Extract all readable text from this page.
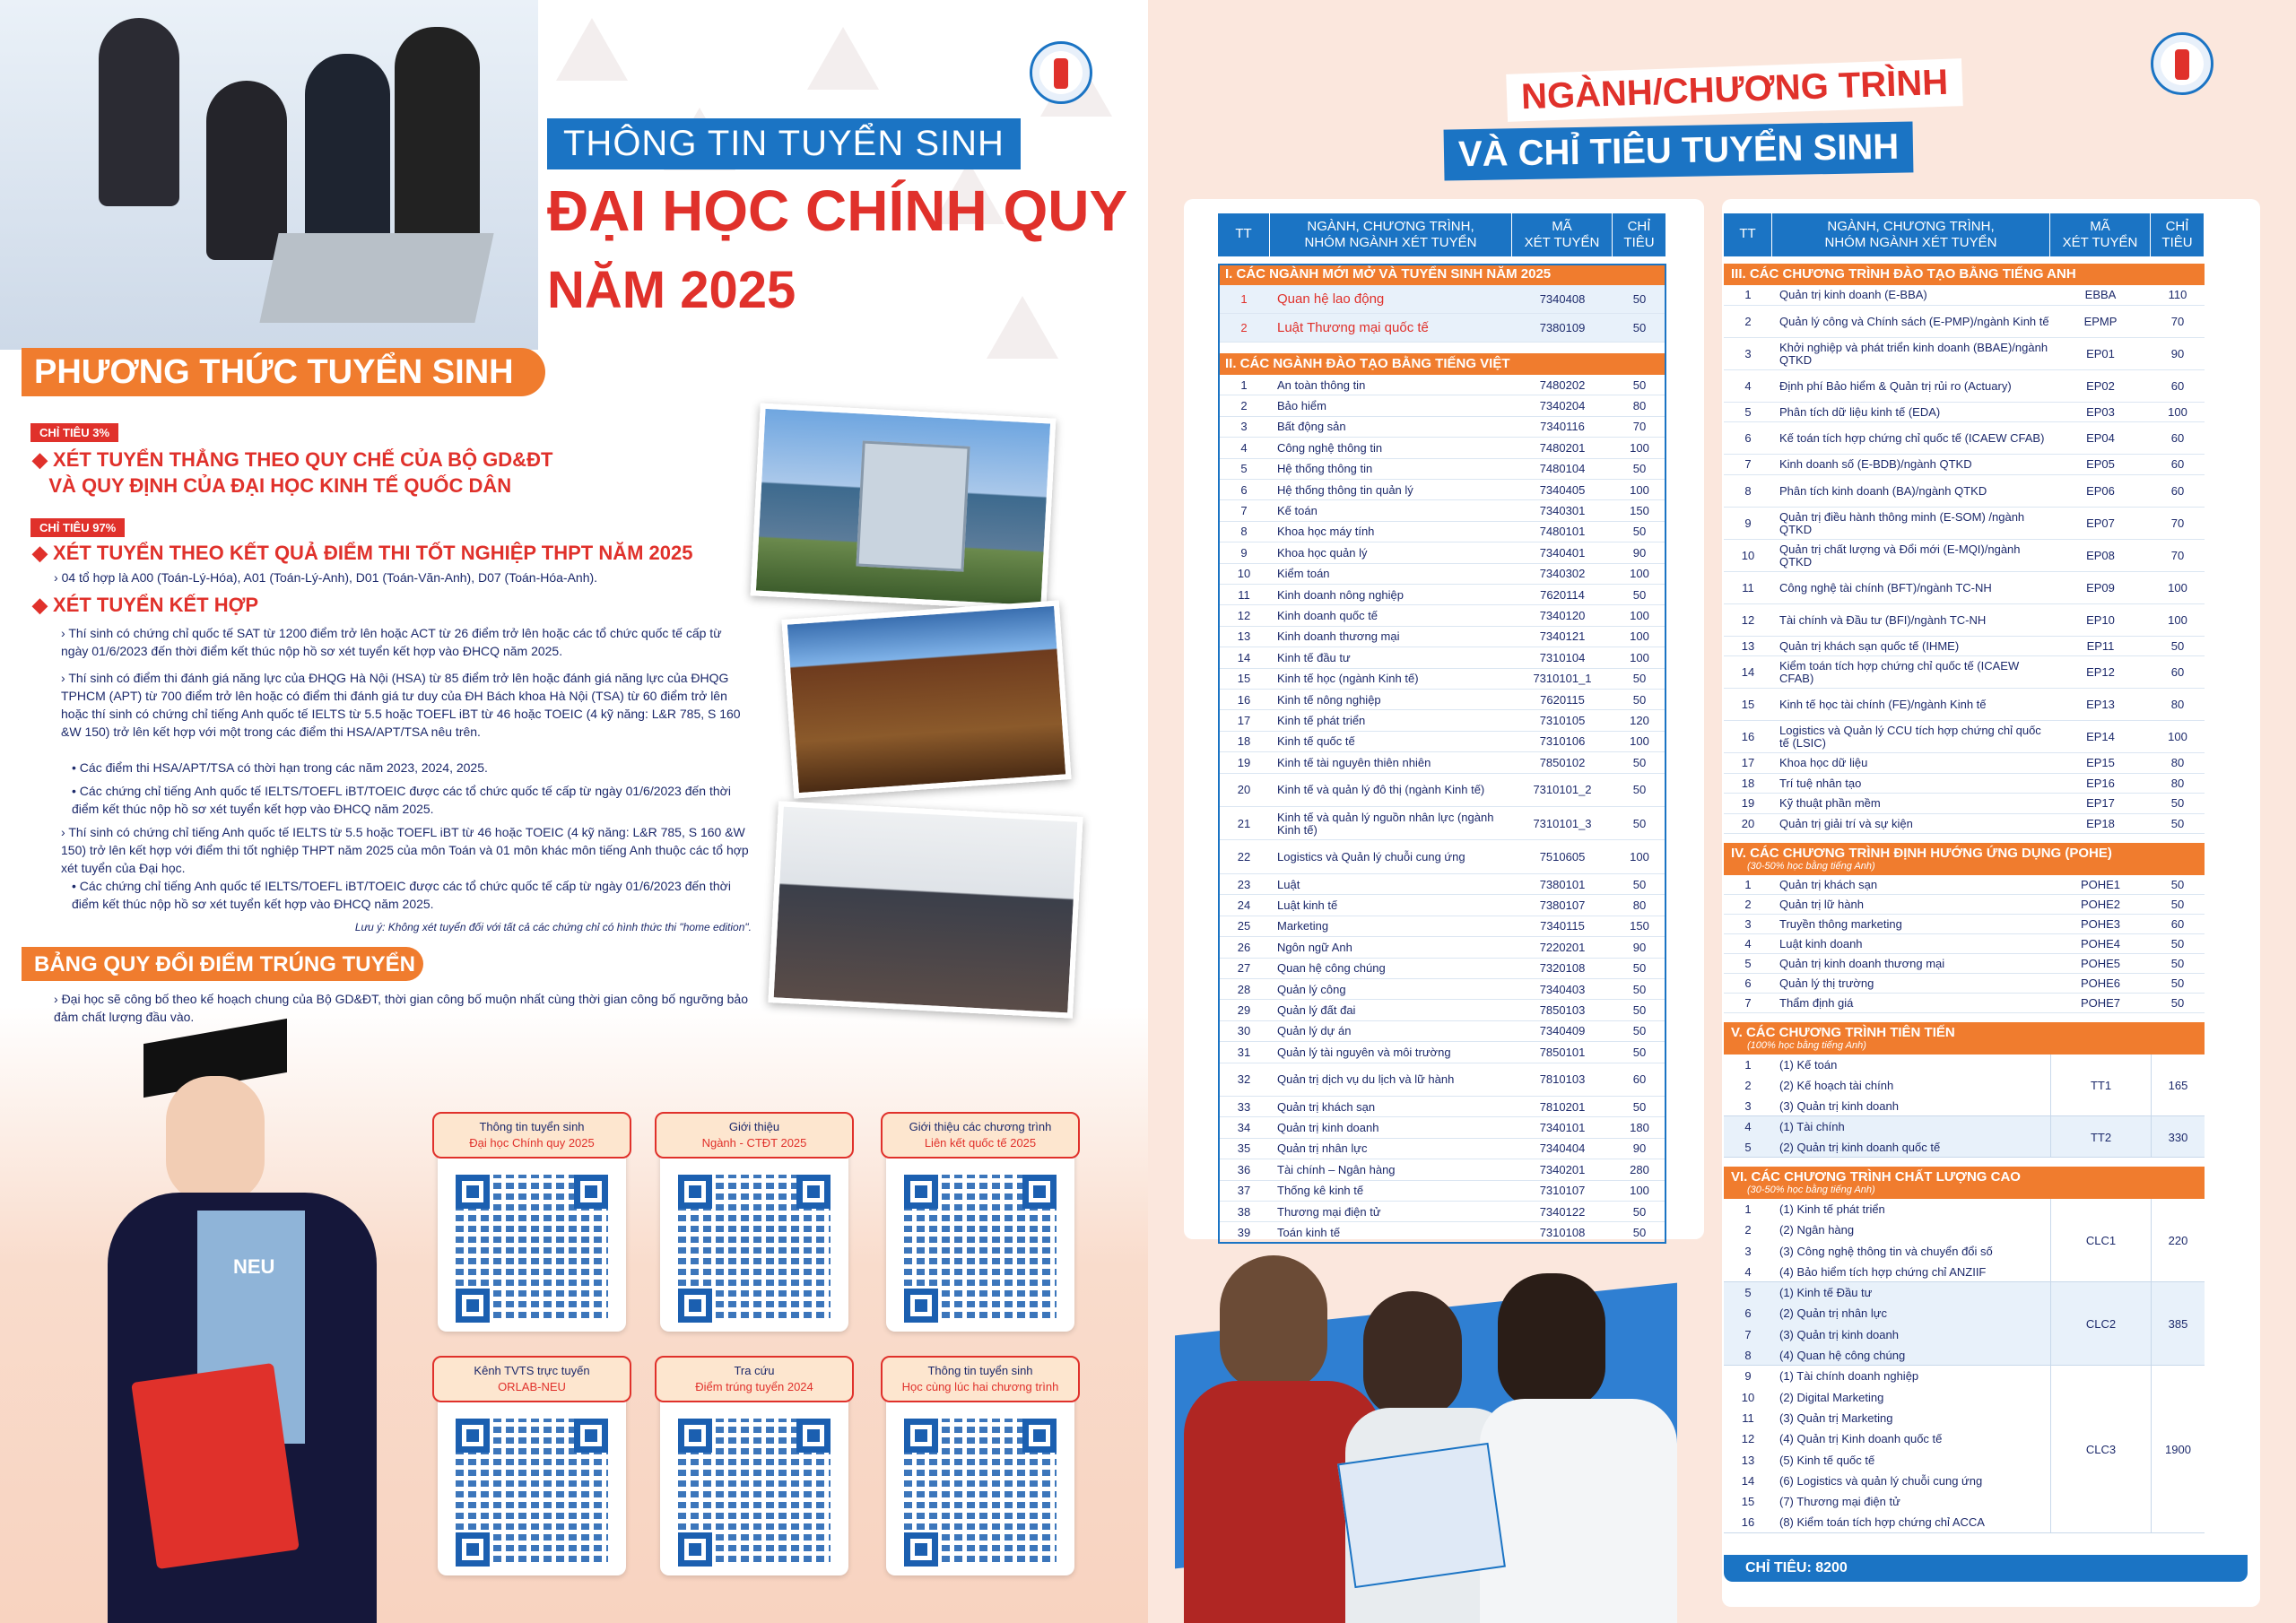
THÔNG TIN TUYỂN SINH
ĐẠI HỌC CHÍNH QUY
NĂM 2025
PHƯƠNG THỨC TUYỂN SINH
CHỈ TIÊU 3%
◆ XÉT TUYỂN THẲNG THEO QUY CHẾ CỦA BỘ GD&ĐT
VÀ QUY ĐỊNH CỦA ĐẠI HỌC KINH TẾ QUỐC DÂN
CHỈ TIÊU 97%
◆ XÉT TUYỂN THEO KẾT QUẢ ĐIỂM THI TỐT NGHIỆP THPT NĂM 2025
› 04 tổ hợp là A00 (Toán-Lý-Hóa), A01 (Toán-Lý-Anh), D01 (Toán-Văn-Anh), D07 (Toán-Hóa-Anh).
◆ XÉT TUYỂN KẾT HỢP
› Thí sinh có chứng chỉ quốc tế SAT từ 1200 điểm trở lên hoặc ACT từ 26 điểm trở lên hoặc các tổ chức quốc tế cấp từ ngày 01/6/2023 đến thời điểm kết thúc nộp hồ sơ xét tuyển kết hợp vào ĐHCQ năm 2025.
› Thí sinh có điểm thi đánh giá năng lực của ĐHQG Hà Nội (HSA) từ 85 điểm trở lên hoặc đánh giá năng lực của ĐHQG TPHCM (APT) từ 700 điểm trở lên hoặc có điểm thi đánh giá tư duy của ĐH Bách khoa Hà Nội (TSA) từ 60 điểm trở lên hoặc thí sinh có chứng chỉ tiếng Anh quốc tế IELTS từ 5.5 hoặc TOEFL iBT từ 46 hoặc TOEIC (4 kỹ năng: L&R 785, S 160 &W 150) trở lên kết hợp với một trong các điểm thi HSA/APT/TSA nêu trên.
• Các điểm thi HSA/APT/TSA có thời hạn trong các năm 2023, 2024, 2025.
• Các chứng chỉ tiếng Anh quốc tế IELTS/TOEFL iBT/TOEIC được các tổ chức quốc tế cấp từ ngày 01/6/2023 đến thời điểm kết thúc nộp hồ sơ xét tuyển kết hợp vào ĐHCQ năm 2025.
› Thí sinh có chứng chỉ tiếng Anh quốc tế IELTS từ 5.5 hoặc TOEFL iBT từ 46 hoặc TOEIC (4 kỹ năng: L&R 785, S 160 &W 150) trở lên kết hợp với điểm thi tốt nghiệp THPT năm 2025 của môn Toán và 01 môn khác môn tiếng Anh thuộc các tổ hợp xét tuyển của Đại học.
• Các chứng chỉ tiếng Anh quốc tế IELTS/TOEFL iBT/TOEIC được các tổ chức quốc tế cấp từ ngày 01/6/2023 đến thời điểm kết thúc nộp hồ sơ xét tuyển kết hợp vào ĐHCQ năm 2025.
Lưu ý: Không xét tuyển đối với tất cả các chứng chỉ có hình thức thi "home edition".
BẢNG QUY ĐỔI ĐIỂM TRÚNG TUYỂN
› Đại học sẽ công bố theo kế hoạch chung của Bộ GD&ĐT, thời gian công bố muộn nhất cùng thời gian công bố ngưỡng bảo đảm chất lượng đầu vào.
NEU
Thông tin tuyển sinh
Đại học Chính quy 2025
Giới thiệu
Ngành - CTĐT 2025
Giới thiệu các chương trình
Liên kết quốc tế 2025
Kênh TVTS trực tuyến
ORLAB-NEU
Tra cứu
Điểm trúng tuyển 2024
Thông tin tuyển sinh
Học cùng lúc hai chương trình
NGÀNH/CHƯƠNG TRÌNH
VÀ CHỈ TIÊU TUYỂN SINH
TT	NGÀNH, CHƯƠNG TRÌNH,
NHÓM NGÀNH XÉT TUYỂN
MÃ
XÉT TUYỂN
CHỈ
TIÊU
I. CÁC NGÀNH MỚI MỞ VÀ TUYỂN SINH NĂM 2025
1	Quan hệ lao động	7340408	50
2	Luật Thương mại quốc tế	7380109	50
II. CÁC NGÀNH ĐÀO TẠO BẰNG TIẾNG VIỆT
1	An toàn thông tin	7480202	50
2	Bảo hiểm	7340204	80
3	Bất động sản	7340116	70
4	Công nghệ thông tin	7480201	100
5	Hệ thống thông tin	7480104	50
6	Hệ thống thông tin quản lý	7340405	100
7	Kế toán	7340301	150
8	Khoa học máy tính	7480101	50
9	Khoa học quản lý	7340401	90
10	Kiểm toán	7340302	100
11	Kinh doanh nông nghiệp	7620114	50
12	Kinh doanh quốc tế	7340120	100
13	Kinh doanh thương mại	7340121	100
14	Kinh tế đầu tư	7310104	100
15	Kinh tế học (ngành Kinh tế)	7310101_1	50
16	Kinh tế nông nghiệp	7620115	50
17	Kinh tế phát triển	7310105	120
18	Kinh tế quốc tế	7310106	100
19	Kinh tế tài nguyên thiên nhiên	7850102	50
20	Kinh tế và quản lý đô thị (ngành Kinh tế)	7310101_2	50
21	Kinh tế và quản lý nguồn nhân lực (ngành Kinh tế)	7310101_3	50
22	Logistics và Quản lý chuỗi cung ứng	7510605	100
23	Luật	7380101	50
24	Luật kinh tế	7380107	80
25	Marketing	7340115	150
26	Ngôn ngữ Anh	7220201	90
27	Quan hệ công chúng	7320108	50
28	Quản lý công	7340403	50
29	Quản lý đất đai	7850103	50
30	Quản lý dự án	7340409	50
31	Quản lý tài nguyên và môi trường	7850101	50
32	Quản trị dịch vụ du lịch và lữ hành	7810103	60
33	Quản trị khách sạn	7810201	50
34	Quản trị kinh doanh	7340101	180
35	Quản trị nhân lực	7340404	90
36	Tài chính – Ngân hàng	7340201	280
37	Thống kê kinh tế	7310107	100
38	Thương mại điện tử	7340122	50
39	Toán kinh tế	7310108	50
TT	NGÀNH, CHƯƠNG TRÌNH,
NHÓM NGÀNH XÉT TUYỂN
MÃ
XÉT TUYỂN
CHỈ
TIÊU
III. CÁC CHƯƠNG TRÌNH ĐÀO TẠO BẰNG TIẾNG ANH
1	Quản trị kinh doanh (E-BBA)	EBBA	110
2	Quản lý công và Chính sách (E-PMP)/ngành Kinh tế	EPMP	70
3	Khởi nghiệp và phát triển kinh doanh (BBAE)/ngành QTKD	EP01	90
4	Định phí Bảo hiểm & Quản trị rủi ro (Actuary)	EP02	60
5	Phân tích dữ liệu kinh tế (EDA)	EP03	100
6	Kế toán tích hợp chứng chỉ quốc tế (ICAEW CFAB)	EP04	60
7	Kinh doanh số (E-BDB)/ngành QTKD	EP05	60
8	Phân tích kinh doanh (BA)/ngành QTKD	EP06	60
9	Quản trị điều hành thông minh (E-SOM) /ngành QTKD	EP07	70
10	Quản trị chất lượng và Đổi mới (E-MQI)/ngành QTKD	EP08	70
11	Công nghệ tài chính (BFT)/ngành TC-NH	EP09	100
12	Tài chính và Đầu tư (BFI)/ngành TC-NH	EP10	100
13	Quản trị khách sạn quốc tế (IHME)	EP11	50
14	Kiểm toán tích hợp chứng chỉ quốc tế (ICAEW CFAB)	EP12	60
15	Kinh tế học tài chính (FE)/ngành Kinh tế	EP13	80
16	Logistics và Quản lý CCU tích hợp chứng chỉ quốc tế (LSIC)	EP14	100
17	Khoa học dữ liệu	EP15	80
18	Trí tuệ nhân tạo	EP16	80
19	Kỹ thuật phần mềm	EP17	50
20	Quản trị giải trí và sự kiện	EP18	50
IV. CÁC CHƯƠNG TRÌNH ĐỊNH HƯỚNG ỨNG DỤNG (POHE)
(30-50% học bằng tiếng Anh)
1	Quản trị khách sạn	POHE1	50
2	Quản trị lữ hành	POHE2	50
3	Truyền thông marketing	POHE3	60
4	Luật kinh doanh	POHE4	50
5	Quản trị kinh doanh thương mại	POHE5	50
6	Quản lý thị trường	POHE6	50
7	Thẩm định giá	POHE7	50
V. CÁC CHƯƠNG TRÌNH TIÊN TIẾN
(100% học bằng tiếng Anh)
1	(1) Kế toán
2	(2) Kế hoạch tài chính
3	(3) Quản trị kinh doanh
TT1	165
4	(1) Tài chính
5	(2) Quản trị kinh doanh quốc tế
TT2	330
VI. CÁC CHƯƠNG TRÌNH CHẤT LƯỢNG CAO
(30-50% học bằng tiếng Anh)
1	(1) Kinh tế phát triển
2	(2) Ngân hàng
3	(3) Công nghệ thông tin và chuyển đổi số
4	(4) Bảo hiểm tích hợp chứng chỉ ANZIIF
CLC1	220
5	(1) Kinh tế Đầu tư
6	(2) Quản trị nhân lực
7	(3) Quản trị kinh doanh
8	(4) Quan hệ công chúng
CLC2	385
9	(1) Tài chính doanh nghiệp
10	(2) Digital Marketing
11	(3) Quản trị Marketing
12	(4) Quản trị Kinh doanh quốc tế
13	(5) Kinh tế quốc tế
14	(6) Logistics và quản lý chuỗi cung ứng
15	(7) Thương mại điện tử
16	(8) Kiểm toán tích hợp chứng chỉ ACCA
CLC3	1900
CHỈ TIÊU: 8200
